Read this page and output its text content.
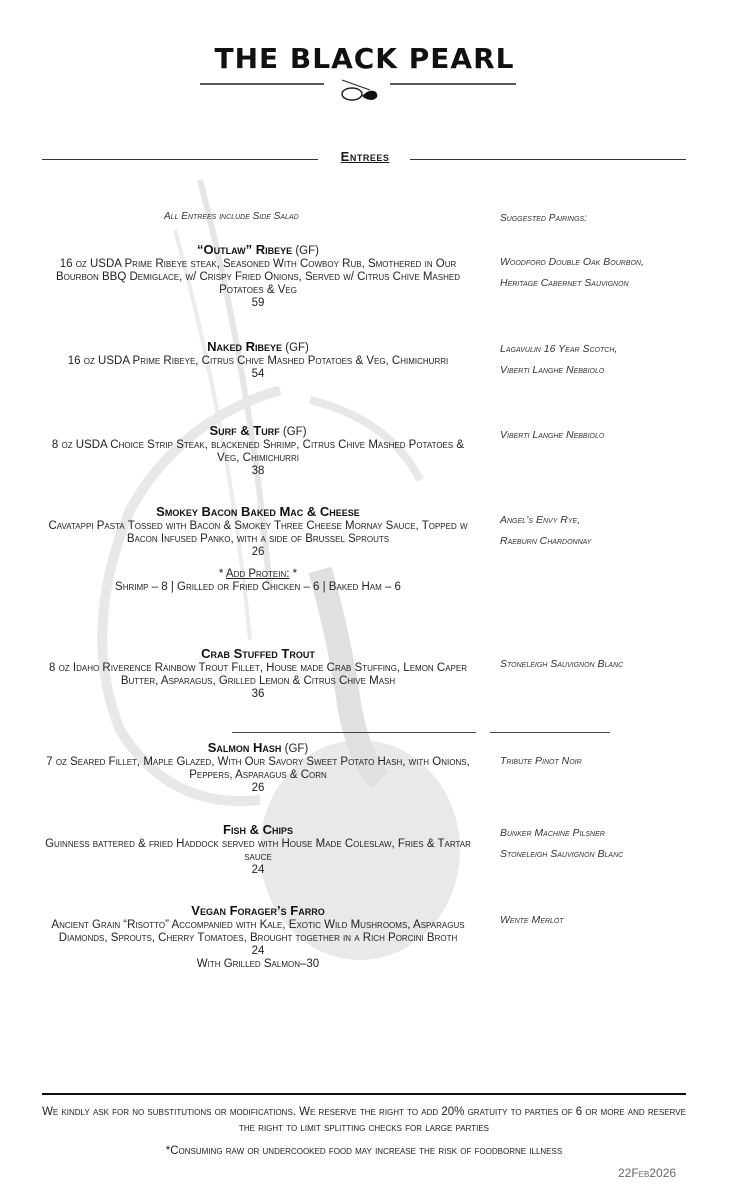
THE BLACK PEARL
Entrees
All Entrees include Side Salad	Suggested Pairings:
“Outlaw” Ribeye (GF)
16 oz USDA Prime Ribeye steak, Seasoned With Cowboy Rub, Smothered in Our Bourbon BBQ Demiglace, w/ Crispy Fried Onions, Served w/ Citrus Chive Mashed Potatoes & Veg
59
Woodford Double Oak Bourbon,
Heritage Cabernet Sauvignon
Naked Ribeye (GF)
16 oz USDA Prime Ribeye, Citrus Chive Mashed Potatoes & Veg, Chimichurri
54
Lagavulin 16 Year Scotch,
Viberti Langhe Nebbiolo
Surf & Turf (GF)
8 oz USDA Choice Strip Steak, blackened Shrimp, Citrus Chive Mashed Potatoes & Veg, Chimichurri
38
Viberti Langhe Nebbiolo
Smokey Bacon Baked Mac & Cheese
Cavatappi Pasta Tossed with Bacon & Smokey Three Cheese Mornay Sauce, Topped w Bacon Infused Panko, with a side of Brussel Sprouts
26
* Add Protein: *
Shrimp – 8 | Grilled or Fried Chicken – 6 | Baked Ham – 6
Angel’s Envy Rye,
Raeburn Chardonnay
Crab Stuffed Trout
8 oz Idaho Riverence Rainbow Trout Fillet, House made Crab Stuffing, Lemon Caper Butter, Asparagus, Grilled Lemon & Citrus Chive Mash
36
Stoneleigh Sauvignon Blanc
Salmon Hash (GF)
7 oz Seared Fillet, Maple Glazed, With Our Savory Sweet Potato Hash, with Onions, Peppers, Asparagus & Corn
26
Tribute Pinot Noir
Fish & Chips
Guinness battered & fried Haddock served with House Made Coleslaw, Fries & Tartar sauce
24
Bunker Machine Pilsner
Stoneleigh Sauvignon Blanc
Vegan Forager’s Farro
Ancient Grain “Risotto” Accompanied with Kale, Exotic Wild Mushrooms, Asparagus Diamonds, Sprouts, Cherry Tomatoes, Brought together in a Rich Porcini Broth
24
With Grilled Salmon–30
Wente Merlot
We kindly ask for no substitutions or modifications. We reserve the right to add 20% gratuity to parties of 6 or more and reserve the right to limit splitting checks for large parties
*Consuming raw or undercooked food may increase the risk of foodborne illness
22Feb2026
